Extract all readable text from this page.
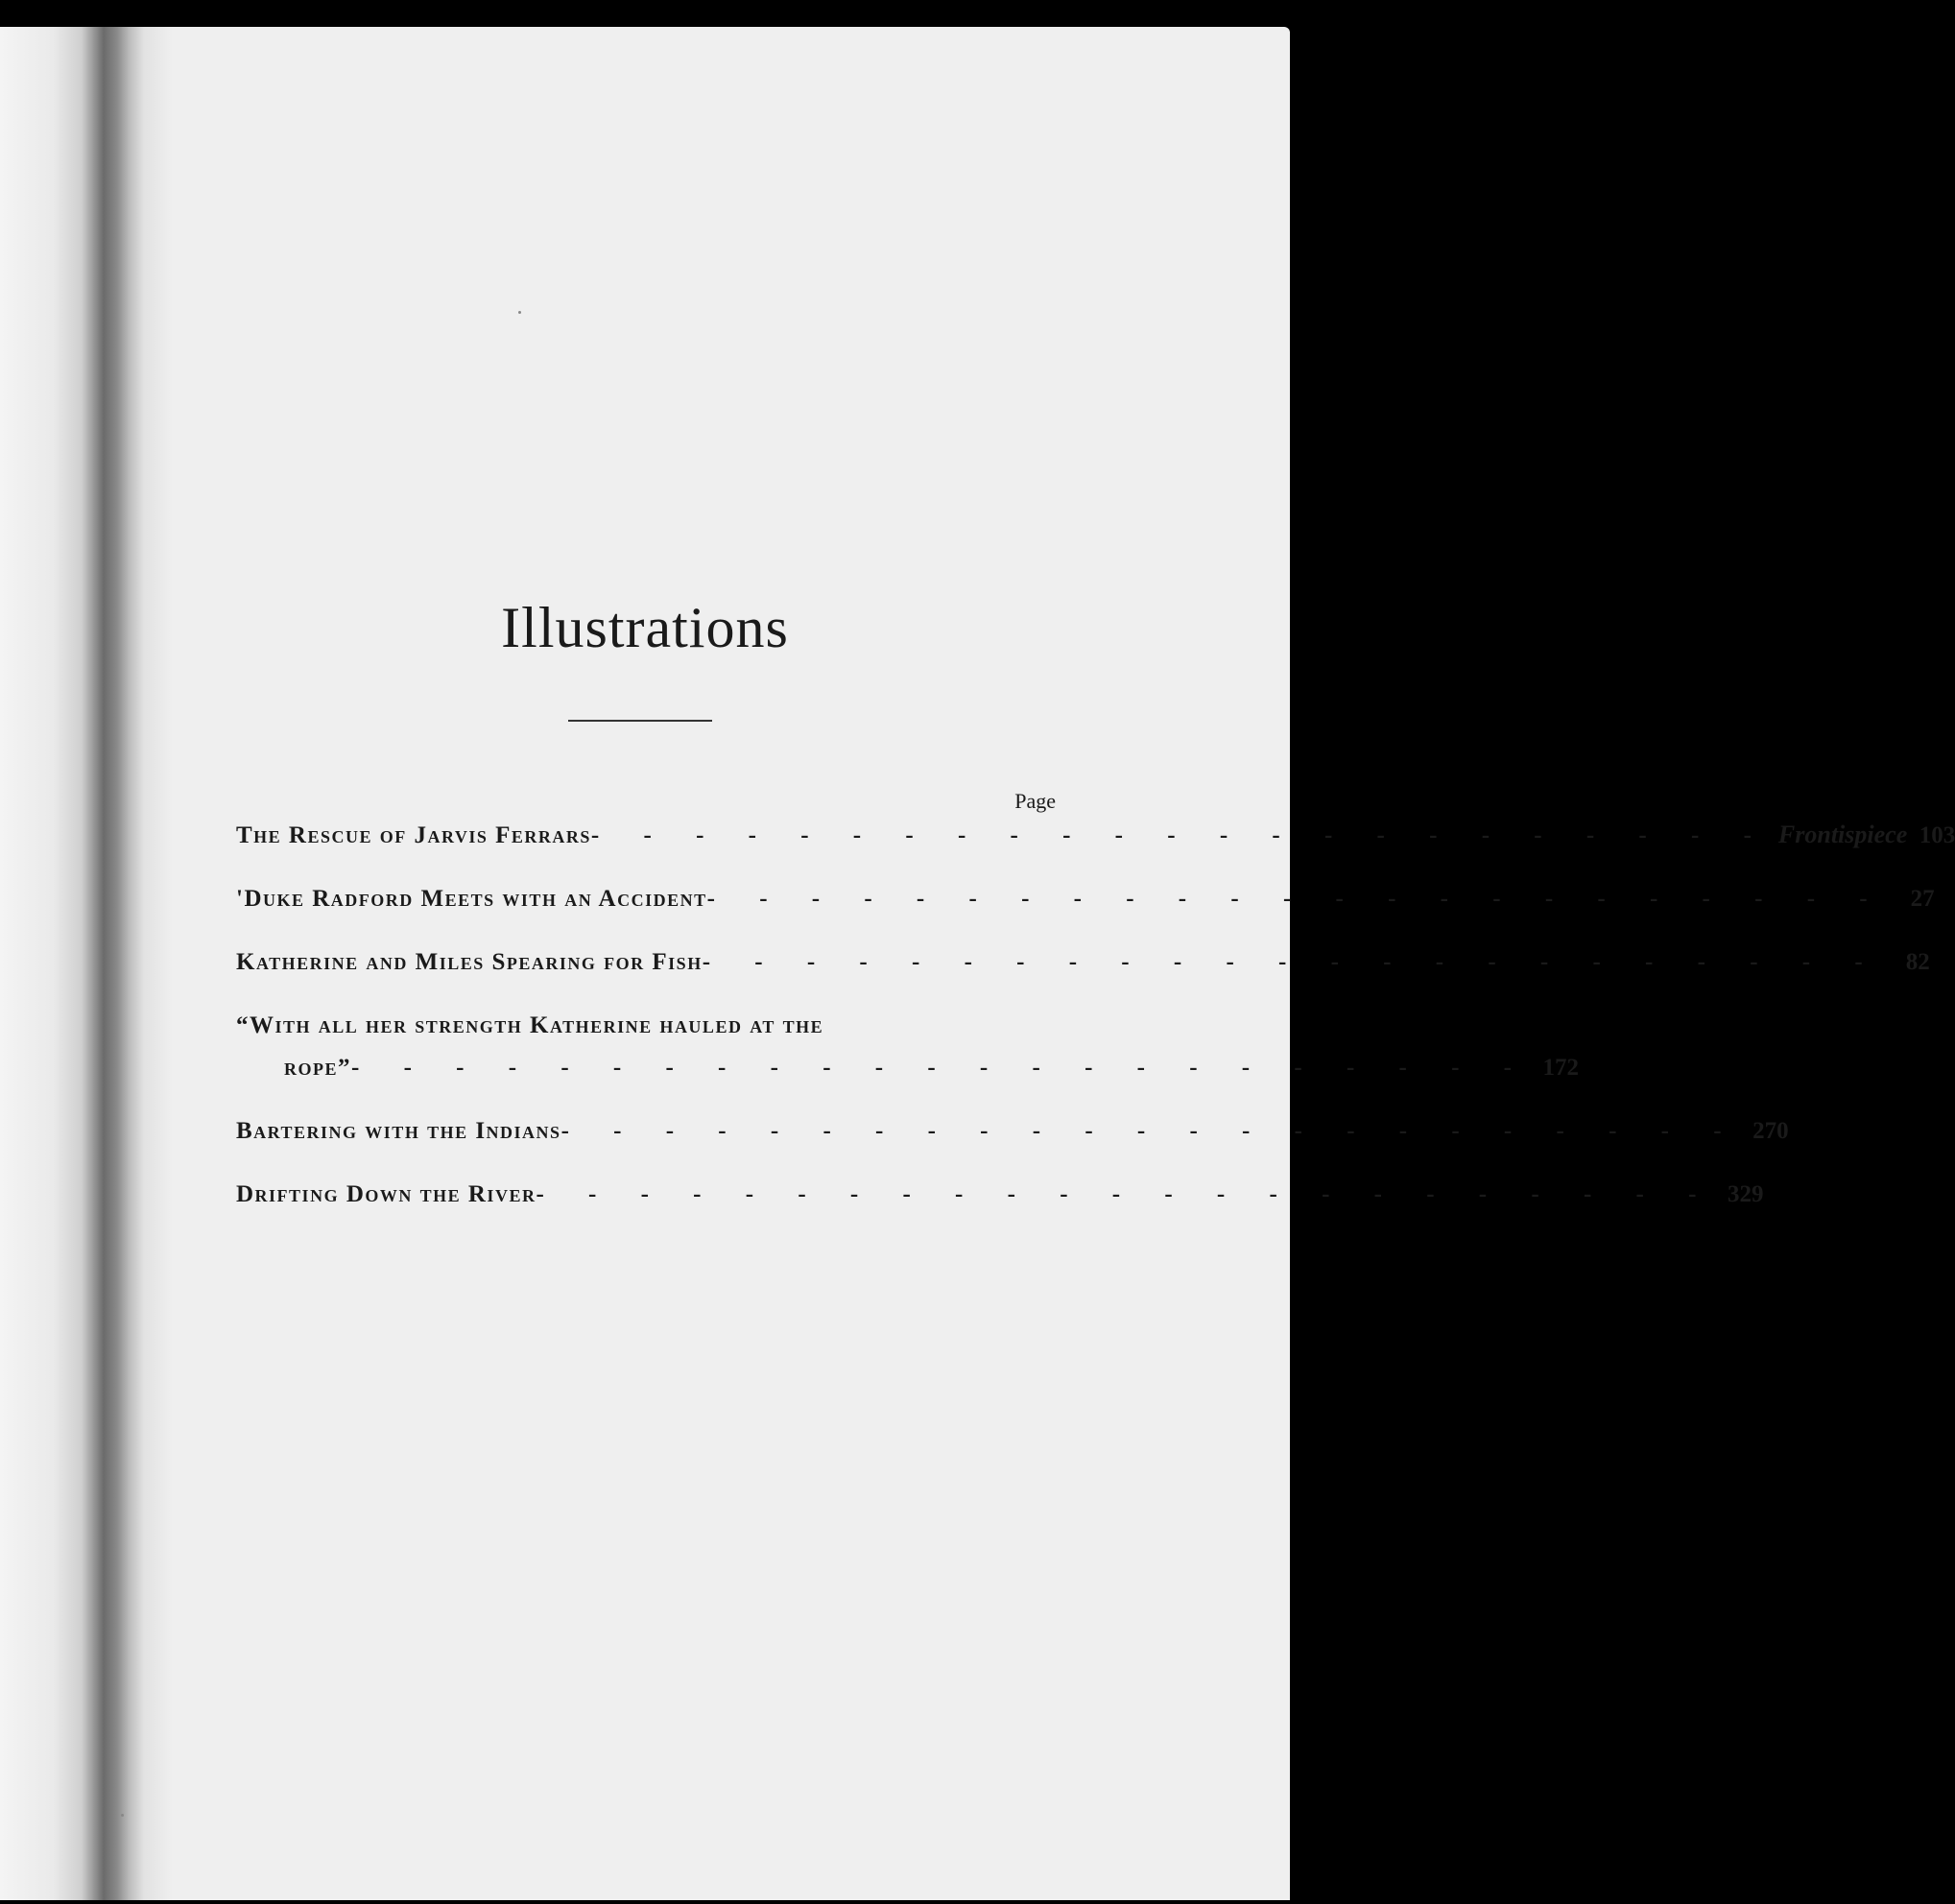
Illustrations
Page
The Rescue of Jarvis Ferrars - - - - - - - - - - - - - - - - - - - - - - - Frontispiece 103
'Duke Radford Meets with an Accident - - - - - - - - - - - - - - - - - - - - - - -	27
Katherine and Miles Spearing for Fish - - - - - - - - - - - - - - - - - - - - - - -	82
“With all her strength Katherine hauled at the
rope” - - - - - - - - - - - - - - - - - - - - - - - 172
Bartering with the Indians - - - - - - - - - - - - - - - - - - - - - - - 270
Drifting Down the River - - - - - - - - - - - - - - - - - - - - - - - 329
